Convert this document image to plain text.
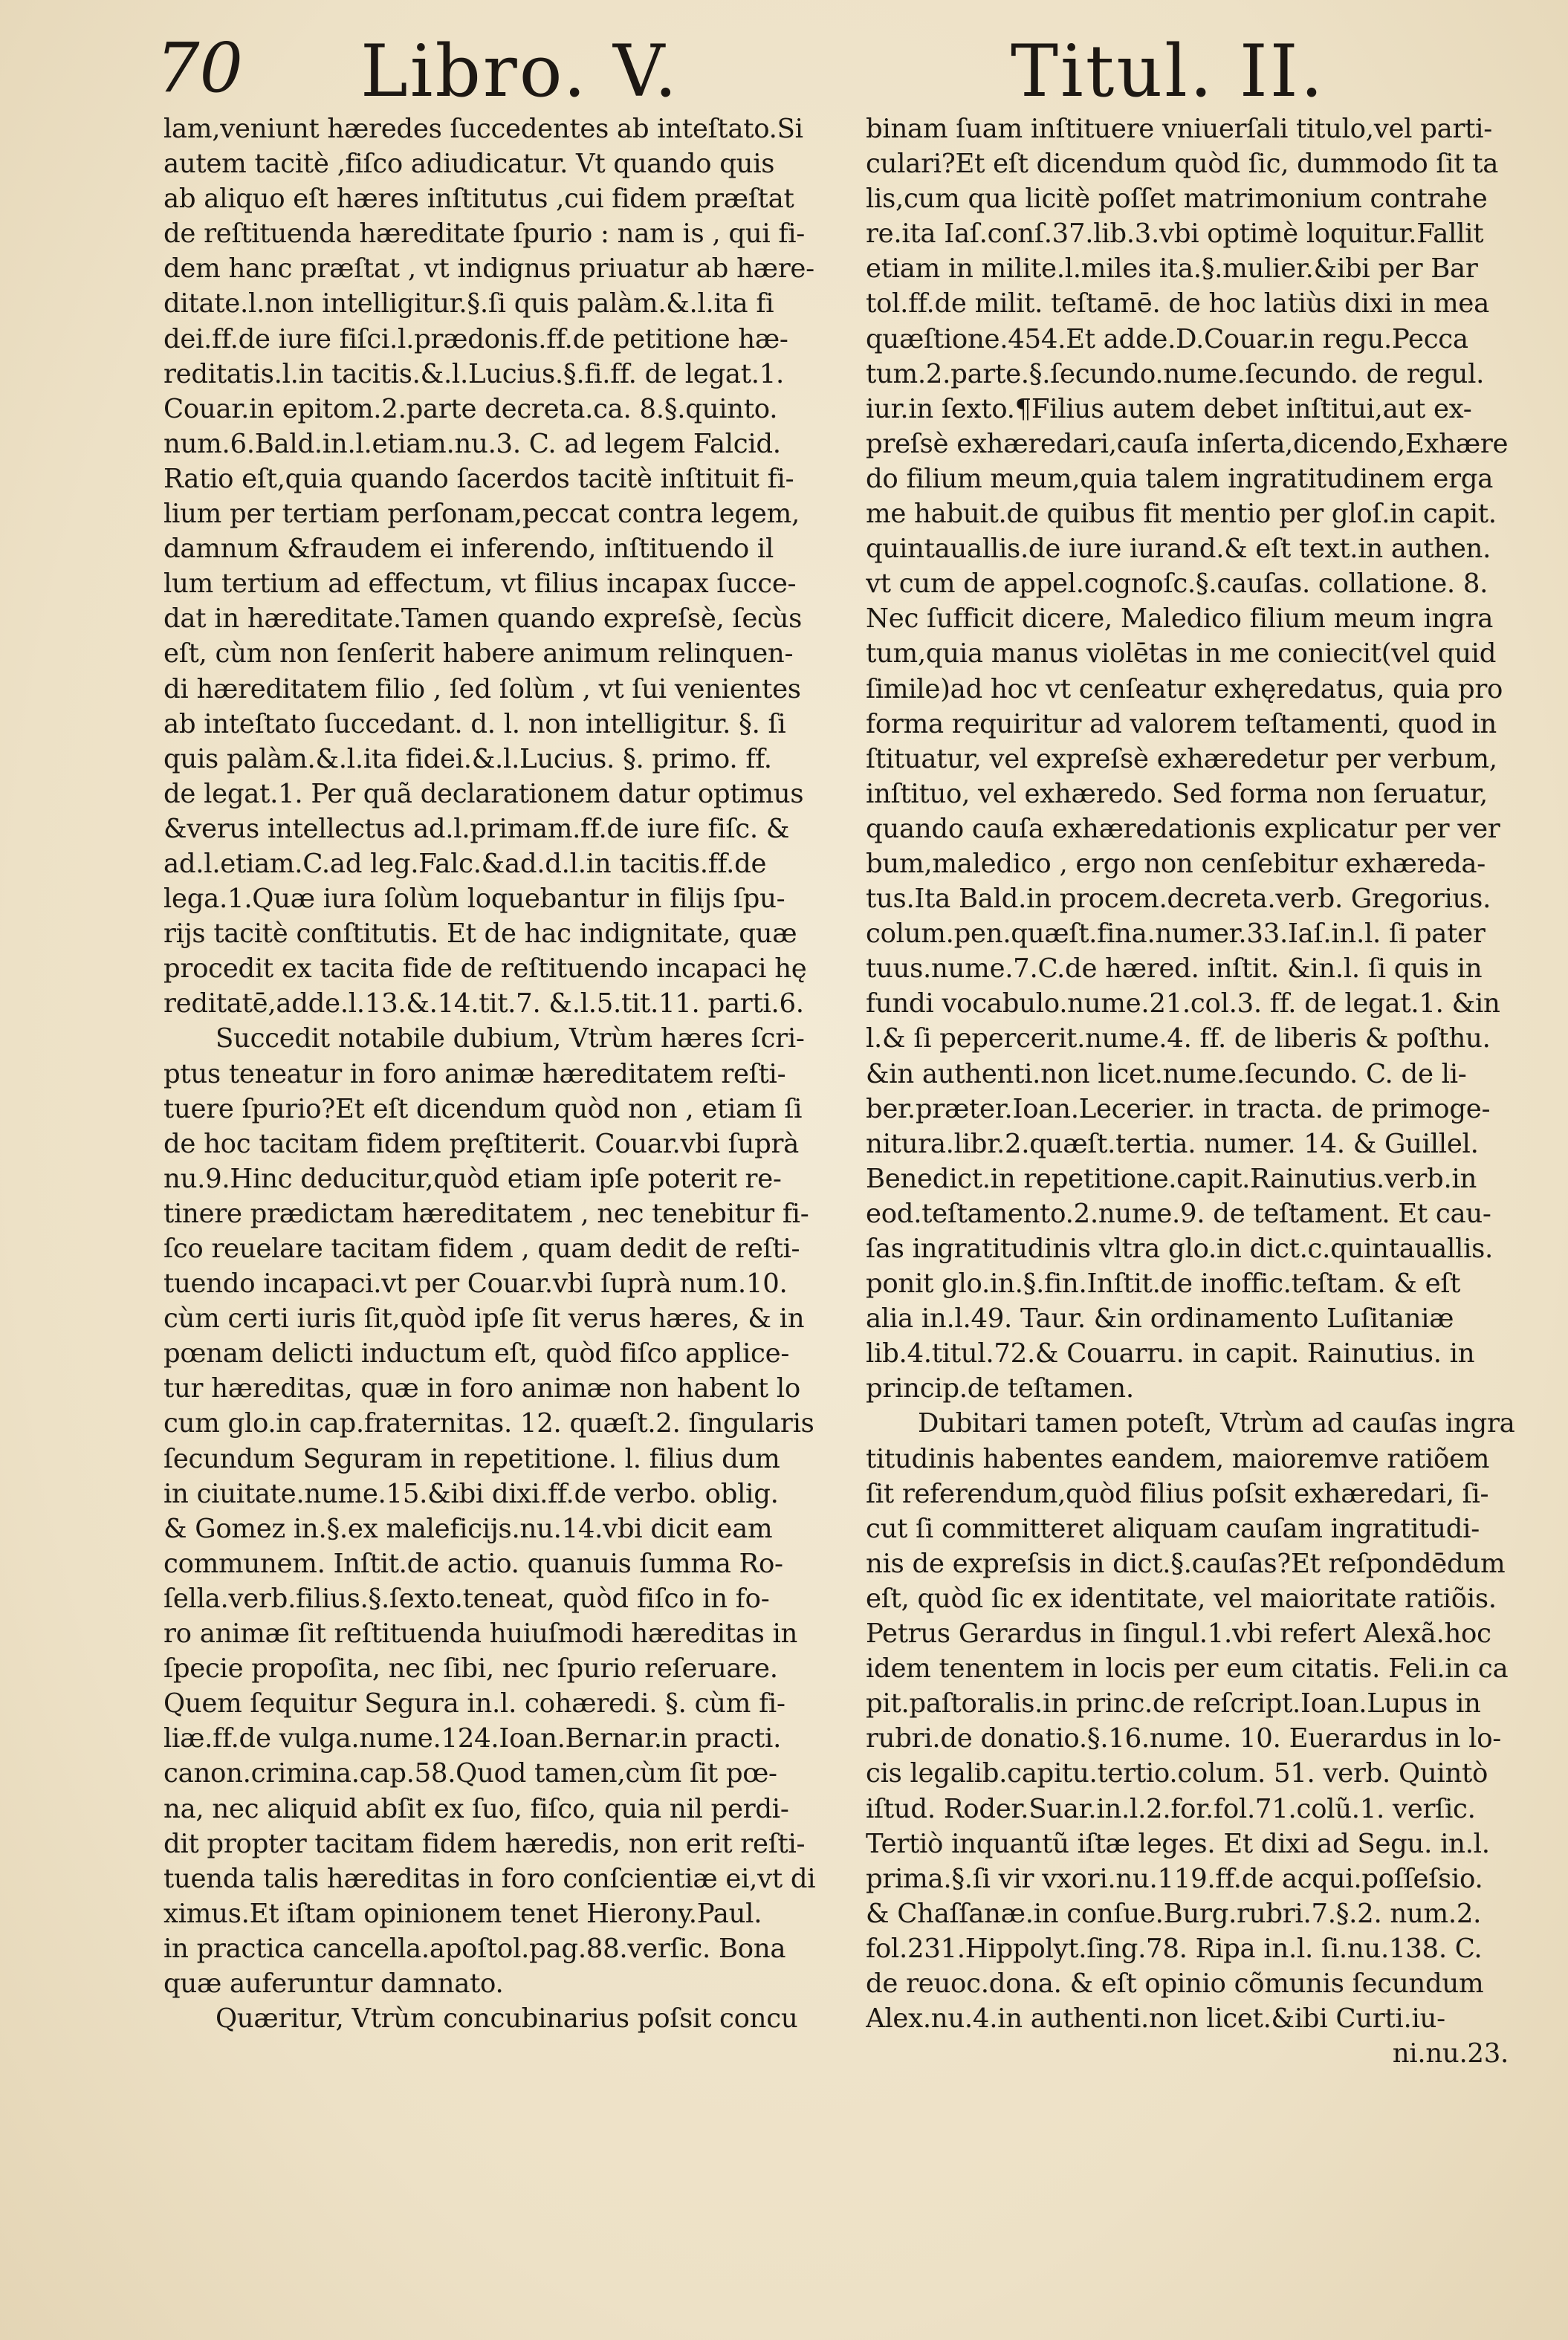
70 Libro. V.	Titul. II.
lam,veniunt hæredes ſuccedentes ab inteſtato.Si
autem tacitè ,fiſco adiudicatur. Vt quando quis
ab aliquo eſt hæres inſtitutus ,cui fidem præſtat
de reſtituenda hæreditate ſpurio : nam is , qui fi-
dem hanc præſtat , vt indignus priuatur ab hære-
ditate.l.non intelligitur.§.ſi quis palàm.&.l.ita fi
dei.ff.de iure fiſci.l.prædonis.ff.de petitione hæ-
reditatis.l.in tacitis.&.l.Lucius.§.fi.ff. de legat.1.
Couar.in epitom.2.parte decreta.ca. 8.§.quinto.
num.6.Bald.in.l.etiam.nu.3. C. ad legem Falcid.
Ratio eſt,quia quando ſacerdos tacitè inſtituit fi-
lium per tertiam perſonam,peccat contra legem,
damnum &fraudem ei inferendo, inſtituendo il
lum tertium ad effectum, vt filius incapax ſucce-
dat in hæreditate.Tamen quando expreſsè, ſecùs
eſt, cùm non ſenſerit habere animum relinquen-
di hæreditatem filio , ſed ſolùm , vt ſui venientes
ab inteſtato ſuccedant. d. l. non intelligitur. §. ſi
quis palàm.&.l.ita fidei.&.l.Lucius. §. primo. ff.
de legat.1. Per quã declarationem datur optimus
&verus intellectus ad.l.primam.ff.de iure fiſc. &
ad.l.etiam.C.ad leg.Falc.&ad.d.l.in tacitis.ff.de
lega.1.Quæ iura ſolùm loquebantur in filijs ſpu-
rijs tacitè conſtitutis. Et de hac indignitate, quæ
procedit ex tacita fide de reſtituendo incapaci hę
reditatē,adde.l.13.&.14.tit.7. &.l.5.tit.11. parti.6.
Succedit notabile dubium, Vtrùm hæres ſcri-
ptus teneatur in foro animæ hæreditatem reſti-
tuere ſpurio?Et eſt dicendum quòd non , etiam ſi
de hoc tacitam fidem pręſtiterit. Couar.vbi ſuprà
nu.9.Hinc deducitur,quòd etiam ipſe poterit re-
tinere prædictam hæreditatem , nec tenebitur fi-
ſco reuelare tacitam fidem , quam dedit de reſti-
tuendo incapaci.vt per Couar.vbi ſuprà num.10.
cùm certi iuris ſit,quòd ipſe ſit verus hæres, & in
pœnam delicti inductum eſt, quòd fiſco applice-
tur hæreditas, quæ in foro animæ non habent lo
cum glo.in cap.fraternitas. 12. quæſt.2. ſingularis
ſecundum Seguram in repetitione. l. filius dum
in ciuitate.nume.15.&ibi dixi.ff.de verbo. oblig.
& Gomez in.§.ex maleficijs.nu.14.vbi dicit eam
communem. Inſtit.de actio. quanuis ſumma Ro-
ſella.verb.filius.§.ſexto.teneat, quòd fiſco in fo-
ro animæ ſit reſtituenda huiuſmodi hæreditas in
ſpecie propoſita, nec ſibi, nec ſpurio reſeruare.
Quem ſequitur Segura in.l. cohæredi. §. cùm fi-
liæ.ff.de vulga.nume.124.Ioan.Bernar.in practi.
canon.crimina.cap.58.Quod tamen,cùm ſit pœ-
na, nec aliquid abſit ex ſuo, fiſco, quia nil perdi-
dit propter tacitam fidem hæredis, non erit reſti-
tuenda talis hæreditas in foro conſcientiæ ei,vt di
ximus.Et iſtam opinionem tenet Hierony.Paul.
in practica cancella.apoſtol.pag.88.verſic. Bona
quæ auferuntur damnato.
Quæritur, Vtrùm concubinarius poſsit concu
binam ſuam inſtituere vniuerſali titulo,vel parti-
culari?Et eſt dicendum quòd ſic, dummodo ſit ta
lis,cum qua licitè poſſet matrimonium contrahe
re.ita Iaſ.conſ.37.lib.3.vbi optimè loquitur.Fallit
etiam in milite.l.miles ita.§.mulier.&ibi per Bar
tol.ff.de milit. teſtamē. de hoc latiùs dixi in mea
quæſtione.454.Et adde.D.Couar.in regu.Pecca
tum.2.parte.§.ſecundo.nume.ſecundo. de regul.
iur.in ſexto.¶Filius autem debet inſtitui,aut ex-
preſsè exhæredari,cauſa inſerta,dicendo,Exhære
do filium meum,quia talem ingratitudinem erga
me habuit.de quibus fit mentio per gloſ.in capit.
quintauallis.de iure iurand.& eſt text.in authen.
vt cum de appel.cognoſc.§.cauſas. collatione. 8.
Nec ſufficit dicere, Maledico filium meum ingra
tum,quia manus violētas in me coniecit(vel quid
ſimile)ad hoc vt cenſeatur exhęredatus, quia pro
forma requiritur ad valorem teſtamenti, quod in
ſtituatur, vel expreſsè exhæredetur per verbum,
inſtituo, vel exhæredo. Sed forma non ſeruatur,
quando cauſa exhæredationis explicatur per ver
bum,maledico , ergo non cenſebitur exhæreda-
tus.Ita Bald.in procem.decreta.verb. Gregorius.
colum.pen.quæſt.fina.numer.33.Iaſ.in.l. ſi pater
tuus.nume.7.C.de hæred. inſtit. &in.l. ſi quis in
fundi vocabulo.nume.21.col.3. ff. de legat.1. &in
l.& ſi pepercerit.nume.4. ff. de liberis & poſthu.
&in authenti.non licet.nume.ſecundo. C. de li-
ber.præter.Ioan.Lecerier. in tracta. de primoge-
nitura.libr.2.quæſt.tertia. numer. 14. & Guillel.
Benedict.in repetitione.capit.Rainutius.verb.in
eod.teſtamento.2.nume.9. de teſtament. Et cau-
ſas ingratitudinis vltra glo.in dict.c.quintauallis.
ponit glo.in.§.fin.Inſtit.de inoffic.teſtam. & eſt
alia in.l.49. Taur. &in ordinamento Luſitaniæ
lib.4.titul.72.& Couarru. in capit. Rainutius. in
princip.de teſtamen.
Dubitari tamen poteſt, Vtrùm ad cauſas ingra
titudinis habentes eandem, maioremve ratiõem
ſit referendum,quòd filius poſsit exhæredari, ſi-
cut ſi committeret aliquam cauſam ingratitudi-
nis de expreſsis in dict.§.cauſas?Et reſpondēdum
eſt, quòd ſic ex identitate, vel maioritate ratiõis.
Petrus Gerardus in ſingul.1.vbi refert Alexã.hoc
idem tenentem in locis per eum citatis. Feli.in ca
pit.paſtoralis.in princ.de reſcript.Ioan.Lupus in
rubri.de donatio.§.16.nume. 10. Euerardus in lo-
cis legalib.capitu.tertio.colum. 51. verb. Quintò
iſtud. Roder.Suar.in.l.2.for.fol.71.colũ.1. verſic.
Tertiò inquantũ iſtæ leges. Et dixi ad Segu. in.l.
prima.§.ſi vir vxori.nu.119.ff.de acqui.poſſeſsio.
& Chaſſanæ.in conſue.Burg.rubri.7.§.2. num.2.
fol.231.Hippolyt.ſing.78. Ripa in.l. ſi.nu.138. C.
de reuoc.dona. & eſt opinio cõmunis ſecundum
Alex.nu.4.in authenti.non licet.&ibi Curti.iu-
ni.nu.23.
